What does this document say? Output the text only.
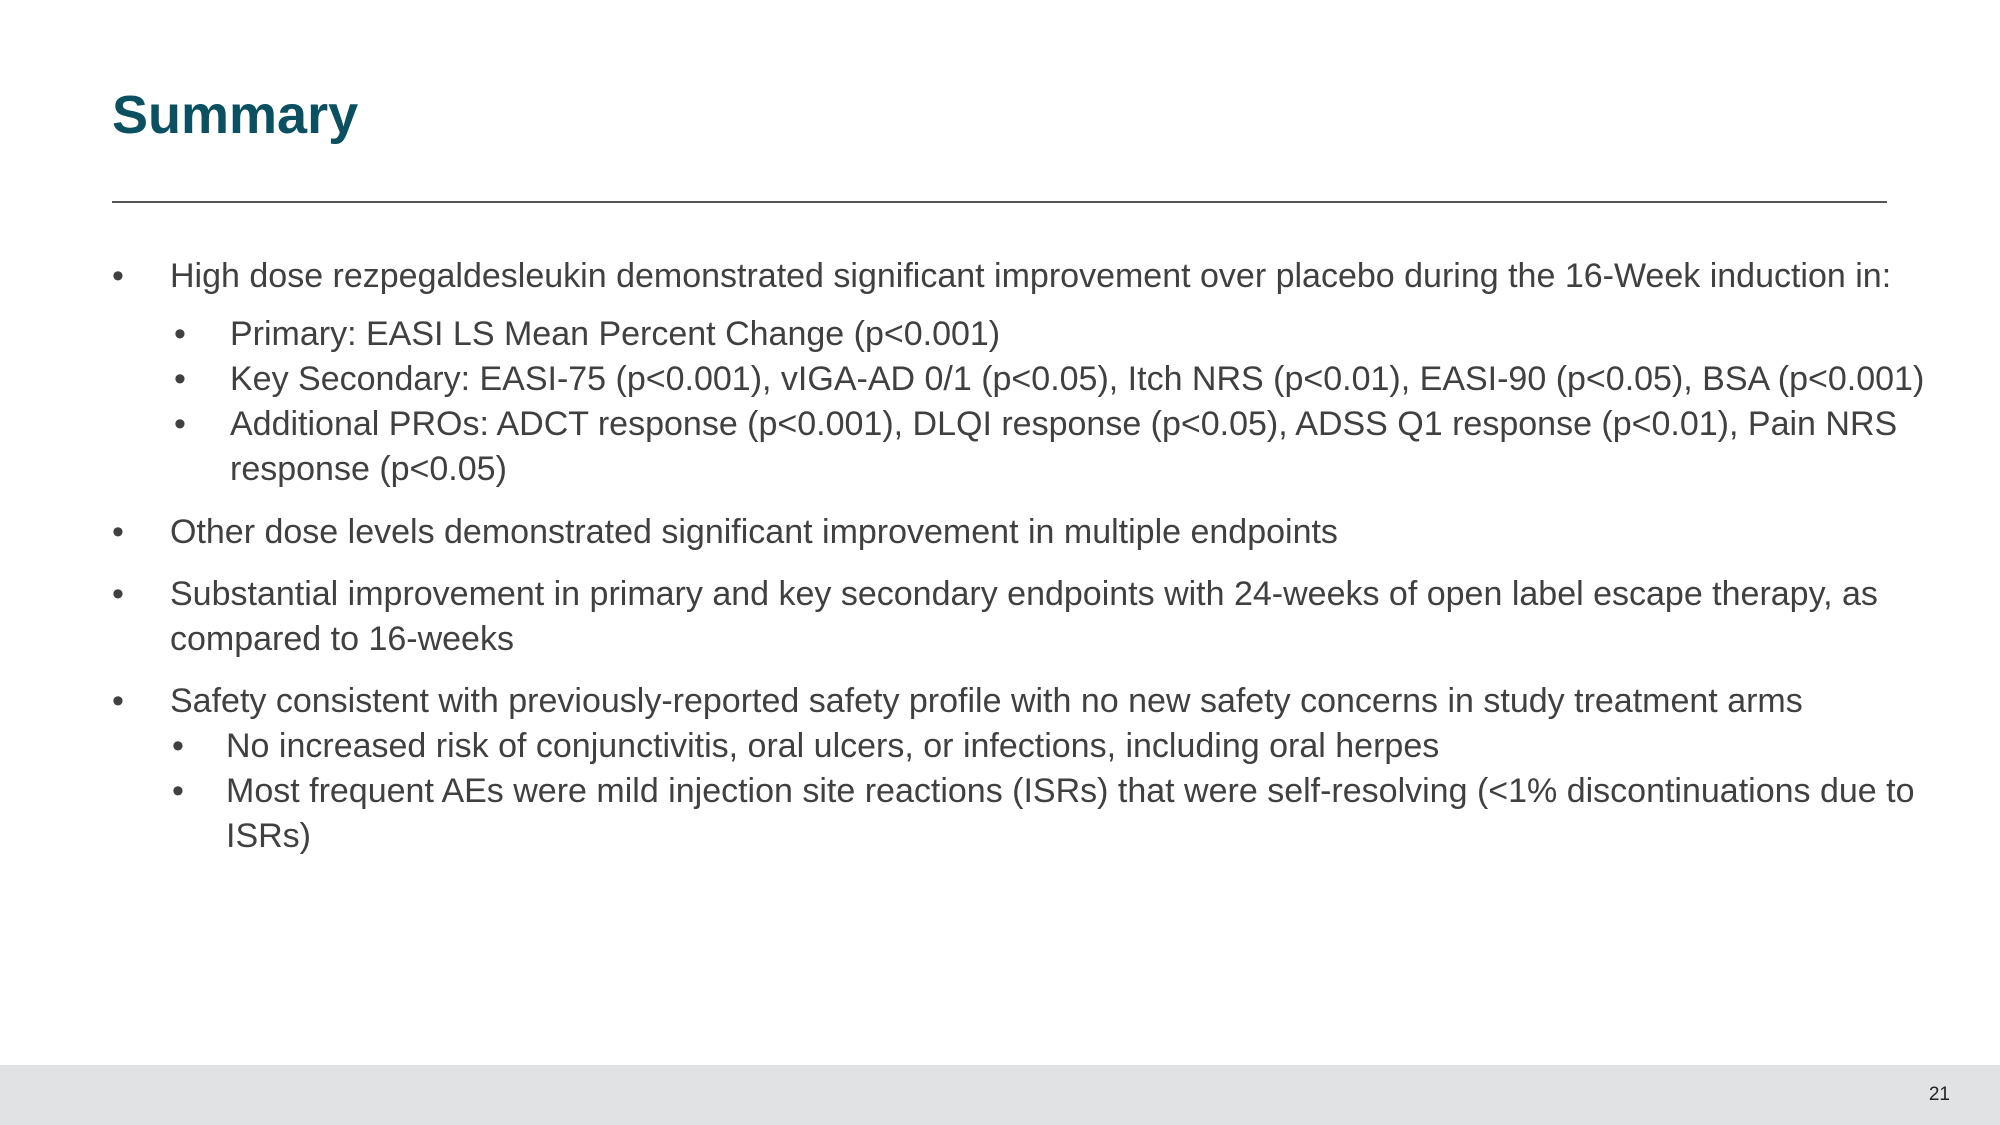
Summary
• High dose rezpegaldesleukin demonstrated significant improvement over placebo during the 16-Week induction in:
• Primary: EASI LS Mean Percent Change (p<0.001)
• Key Secondary: EASI-75 (p<0.001), vIGA-AD 0/1 (p<0.05), Itch NRS (p<0.01), EASI-90 (p<0.05), BSA (p<0.001)
• Additional PROs: ADCT response (p<0.001), DLQI response (p<0.05), ADSS Q1 response (p<0.01), Pain NRS response (p<0.05)
• Other dose levels demonstrated significant improvement in multiple endpoints
• Substantial improvement in primary and key secondary endpoints with 24-weeks of open label escape therapy, as compared to 16-weeks
• Safety consistent with previously-reported safety profile with no new safety concerns in study treatment arms
• No increased risk of conjunctivitis, oral ulcers, or infections, including oral herpes
• Most frequent AEs were mild injection site reactions (ISRs) that were self-resolving (<1% discontinuations due to ISRs)
21
